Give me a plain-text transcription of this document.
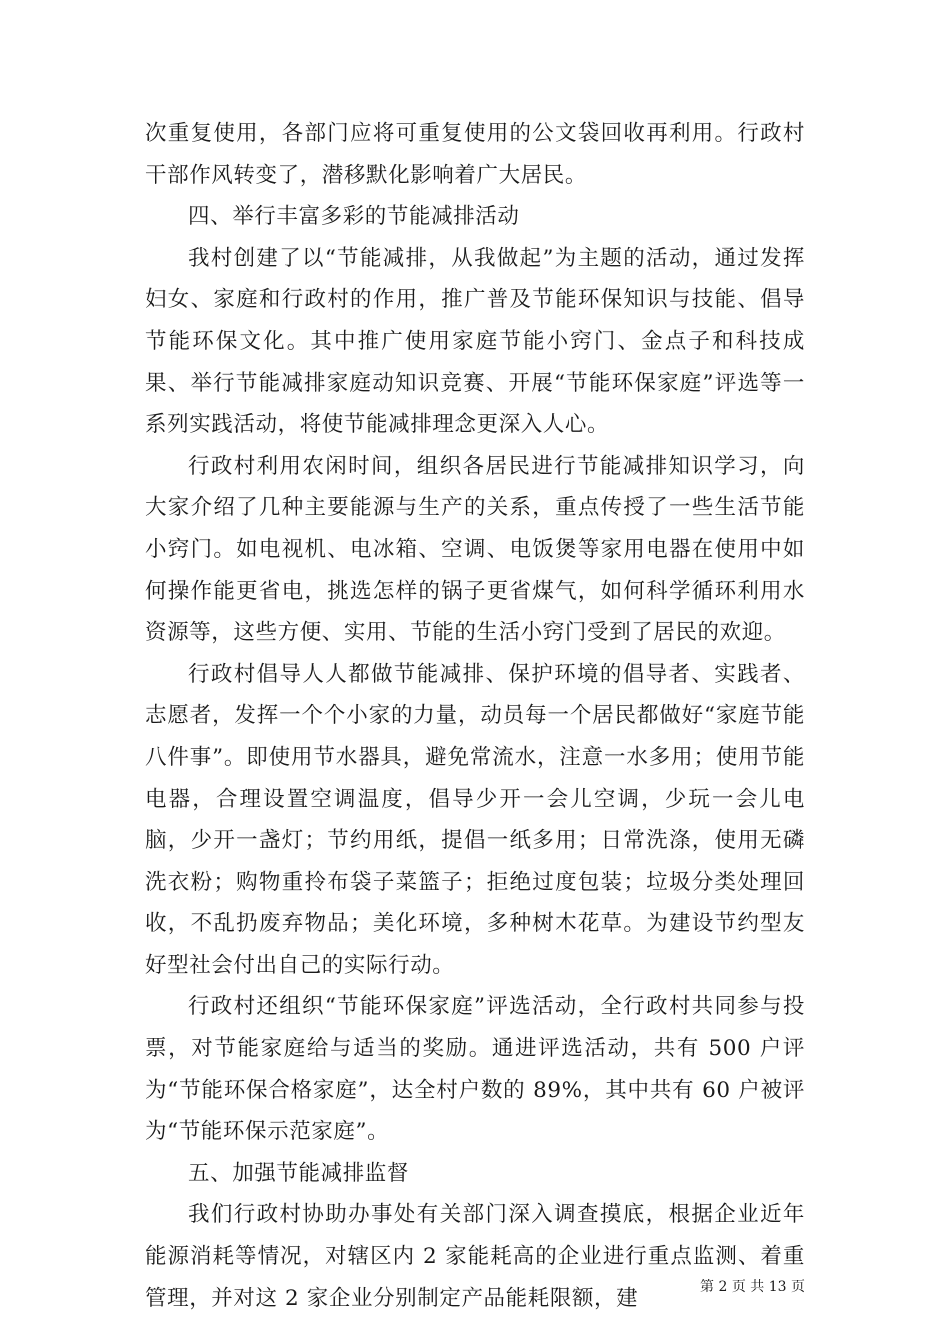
次重复使用，各部门应将可重复使用的公文袋回收再利用。行政村干部作风转变了，潜移默化影响着广大居民。

四、举行丰富多彩的节能减排活动

我村创建了以“节能减排，从我做起”为主题的活动，通过发挥妇女、家庭和行政村的作用，推广普及节能环保知识与技能、倡导节能环保文化。其中推广使用家庭节能小窍门、金点子和科技成果、举行节能减排家庭动知识竞赛、开展“节能环保家庭”评选等一系列实践活动，将使节能减排理念更深入人心。

行政村利用农闲时间，组织各居民进行节能减排知识学习，向大家介绍了几种主要能源与生产的关系，重点传授了一些生活节能小窍门。如电视机、电冰箱、空调、电饭煲等家用电器在使用中如何操作能更省电，挑选怎样的锅子更省煤气，如何科学循环利用水资源等，这些方便、实用、节能的生活小窍门受到了居民的欢迎。

行政村倡导人人都做节能减排、保护环境的倡导者、实践者、志愿者，发挥一个个小家的力量，动员每一个居民都做好“家庭节能八件事”。即使用节水器具，避免常流水，注意一水多用；使用节能电器，合理设置空调温度，倡导少开一会儿空调，少玩一会儿电脑，少开一盏灯；节约用纸，提倡一纸多用；日常洗涤，使用无磷洗衣粉；购物重拎布袋子菜篮子；拒绝过度包装；垃圾分类处理回收，不乱扔废弃物品；美化环境，多种树木花草。为建设节约型友好型社会付出自己的实际行动。

行政村还组织“节能环保家庭”评选活动，全行政村共同参与投票，对节能家庭给与适当的奖励。通进评选活动，共有 500 户评为“节能环保合格家庭”，达全村户数的 89%，其中共有 60 户被评为“节能环保示范家庭”。

五、加强节能减排监督

我们行政村协助办事处有关部门深入调查摸底，根据企业近年能源消耗等情况，对辖区内 2 家能耗高的企业进行重点监测、着重管理，并对这 2 家企业分别制定产品能耗限额，建	第 2 页 共 13 页
